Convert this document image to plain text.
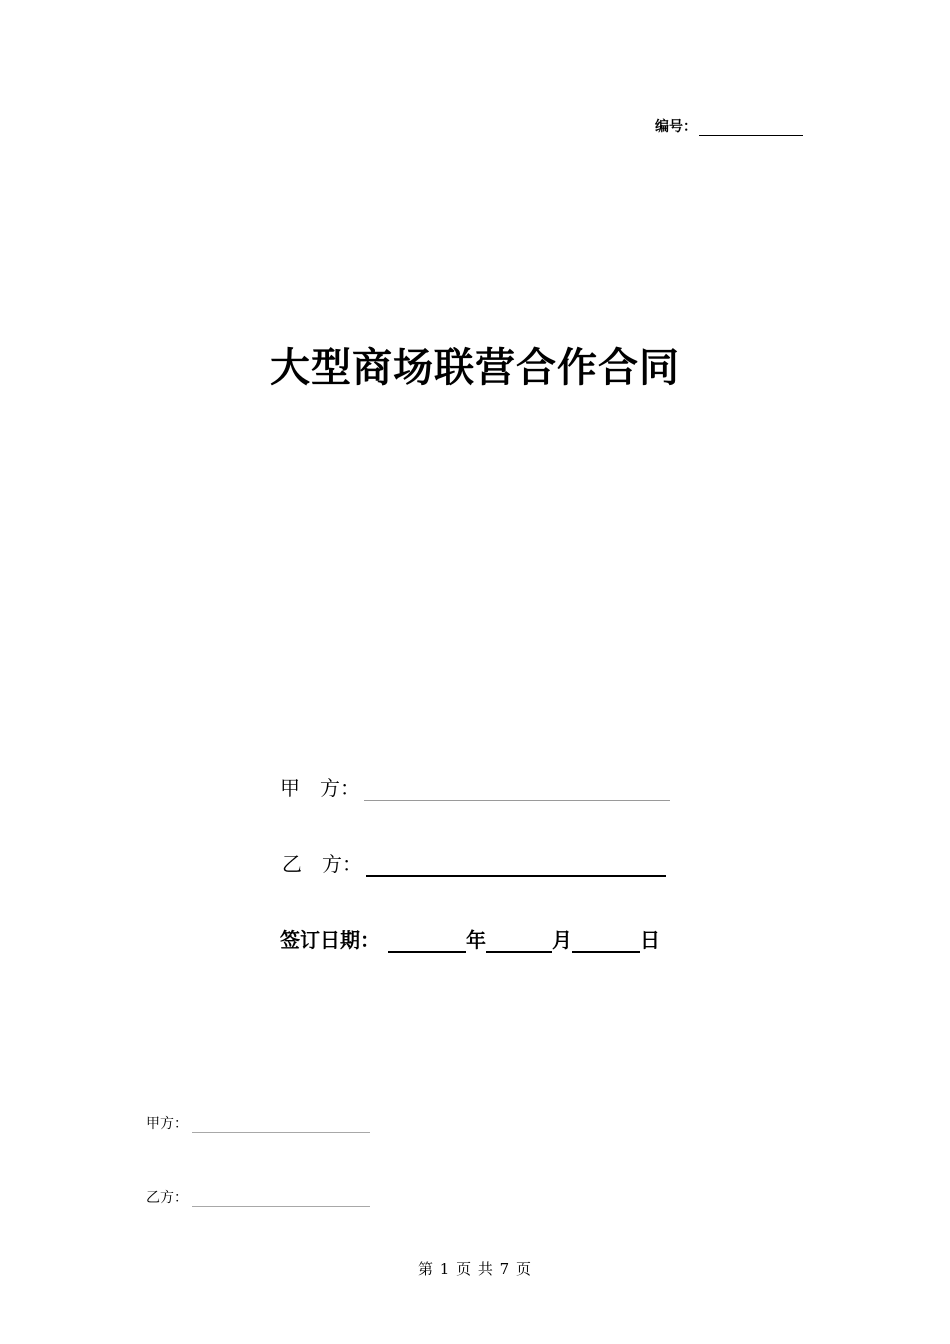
编号：
大型商场联营合作合同
甲　方：
乙　方：
签订日期：	年	月	日
甲方：
乙方：
第 1 页 共 7 页
